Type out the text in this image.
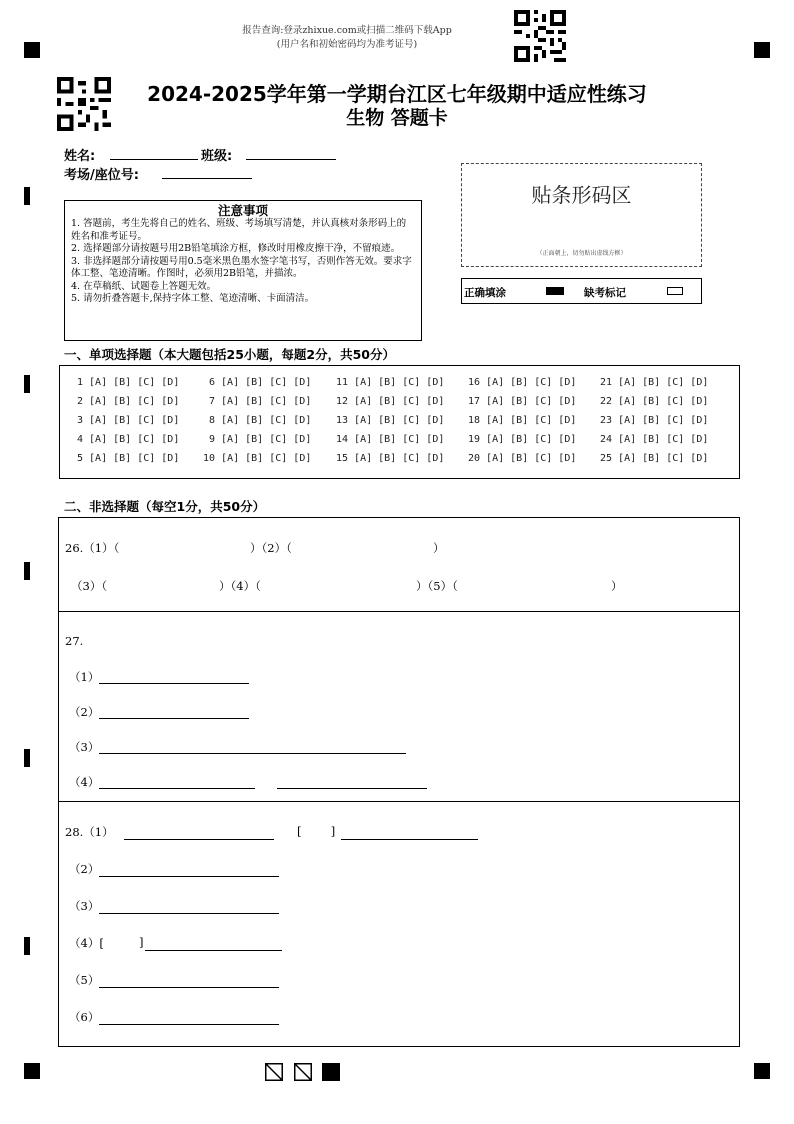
报告查询:登录zhixue.com或扫描二维码下载App
(用户名和初始密码均为准考证号)
2024-2025学年第一学期台江区七年级期中适应性练习
生物 答题卡
姓名:	班级:
考场/座位号:
注意事项

1. 答题前，考生先将自己的姓名、班级、考场填写清楚，并认真核对条形码上的姓名和准考证号。

2. 选择题部分请按题号用2B铅笔填涂方框，修改时用橡皮擦干净，不留痕迹。

3. 非选择题部分请按题号用0.5毫米黑色墨水签字笔书写，否则作答无效。要求字体工整、笔迹清晰。作图时，必须用2B铅笔，并描浓。

4. 在草稿纸、试题卷上答题无效。

5. 请勿折叠答题卡,保持字体工整、笔迹清晰、卡面清洁。

贴条形码区
（正面朝上，切勿贴出虚线方框）
正确填涂	缺考标记
一、单项选择题（本大题包括25小题，每题2分，共50分）
1 [A] [B] [C] [D]
2 [A] [B] [C] [D]
3 [A] [B] [C] [D]
4 [A] [B] [C] [D]
5 [A] [B] [C] [D]
6 [A] [B] [C] [D]
7 [A] [B] [C] [D]
8 [A] [B] [C] [D]
9 [A] [B] [C] [D]
10 [A] [B] [C] [D]
11 [A] [B] [C] [D]
12 [A] [B] [C] [D]
13 [A] [B] [C] [D]
14 [A] [B] [C] [D]
15 [A] [B] [C] [D]
16 [A] [B] [C] [D]
17 [A] [B] [C] [D]
18 [A] [B] [C] [D]
19 [A] [B] [C] [D]
20 [A] [B] [C] [D]
21 [A] [B] [C] [D]
22 [A] [B] [C] [D]
23 [A] [B] [C] [D]
24 [A] [B] [C] [D]
25 [A] [B] [C] [D]
二、非选择题（每空1分，共50分）
26.（1）（	）（2）（	）
（3）（	）（4）（	）（5）（	）
27.
（1）
（2）
（3）
（4）
28.（1）	[        ]
（2）
（3）
（4）[	]
（5）
（6）
